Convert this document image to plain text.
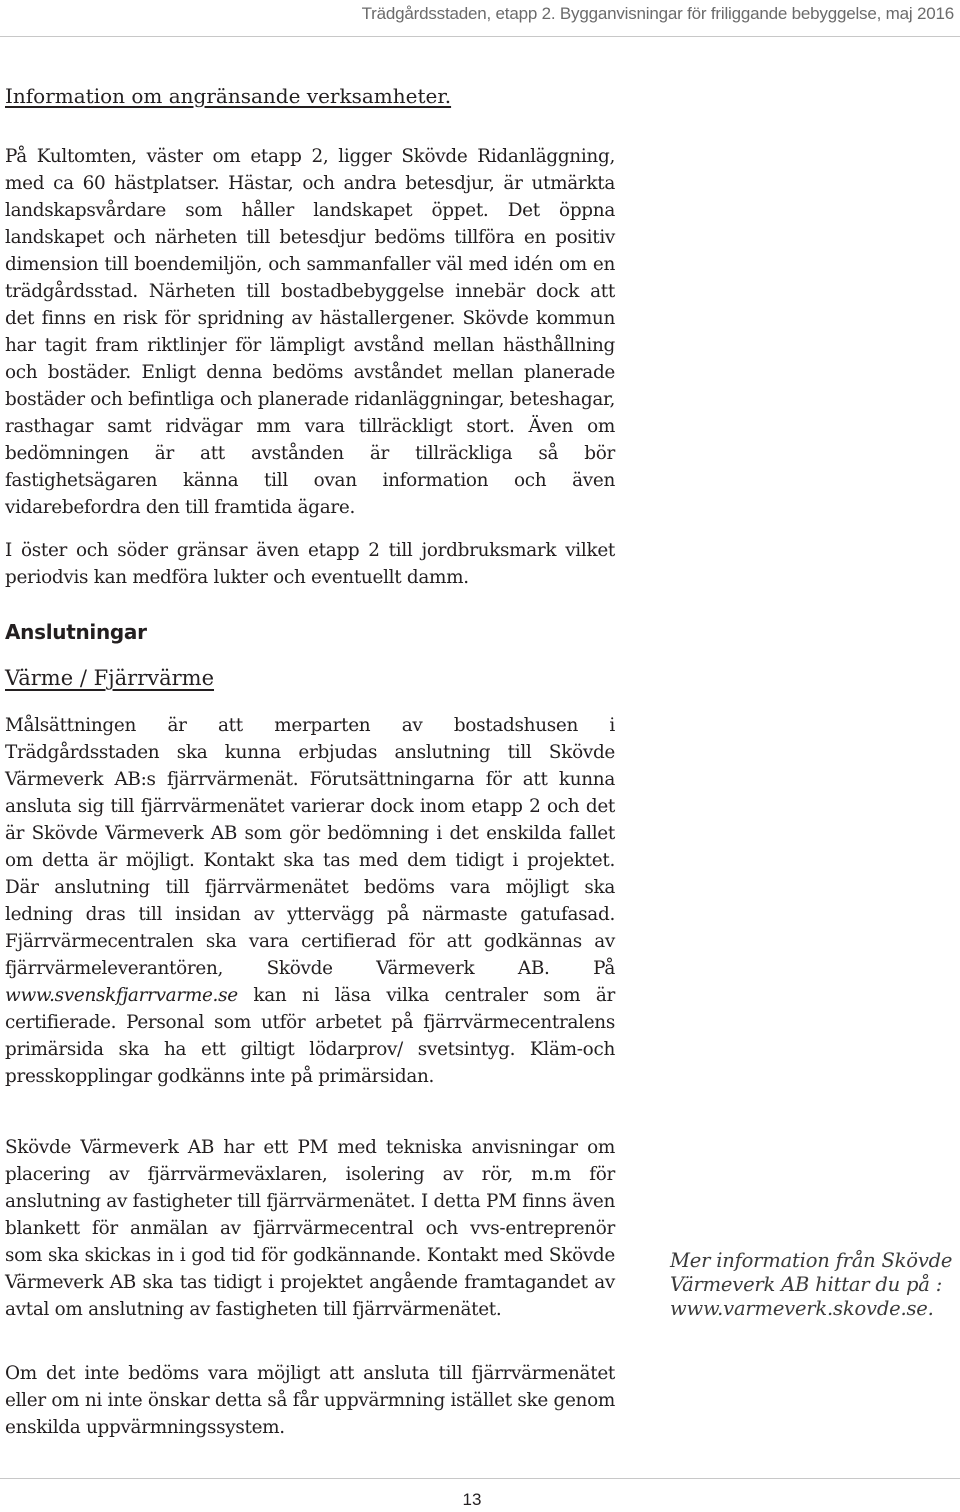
Trädgårdsstaden, etapp 2. Bygganvisningar för friliggande bebyggelse, maj 2016
Information om angränsande verksamheter.

På Kultomten, väster om etapp 2, ligger Skövde Ridanläggning, med ca 60 hästplatser. Hästar, och andra betesdjur, är utmärkta landskapsvårdare som håller landskapet öppet. Det öppna landskapet och närheten till betesdjur bedöms tillföra en positiv dimension till boendemiljön, och sammanfaller väl med idén om en trädgårdsstad. Närheten till bostadbebyggelse innebär dock att det finns en risk för spridning av hästallergener. Skövde kommun har tagit fram riktlinjer för lämpligt avstånd mellan hästhållning och bostäder. Enligt denna bedöms avståndet mellan planerade bostäder och befintliga och planerade ridanläggningar, beteshagar, rasthagar samt ridvägar mm vara tillräckligt stort. Även om bedömningen är att avstånden är tillräckliga så bör fastighetsägaren känna till ovan information och även vidarebefordra den till framtida ägare.

I öster och söder gränsar även etapp 2 till jordbruksmark vilket periodvis kan medföra lukter och eventuellt damm.

Anslutningar
Värme / Fjärrvärme

Målsättningen är att merparten av bostadshusen i Trädgårdsstaden ska kunna erbjudas anslutning till Skövde Värmeverk AB:s fjärrvärmenät. Förutsättningarna för att kunna ansluta sig till fjärrvärmenätet varierar dock inom etapp 2 och det är Skövde Värmeverk AB som gör bedömning i det enskilda fallet om detta är möjligt. Kontakt ska tas med dem tidigt i projektet. Där anslutning till fjärrvärmenätet bedöms vara möjligt ska ledning dras till insidan av yttervägg på närmaste gatufasad. Fjärrvärmecentralen ska vara certifierad för att godkännas av fjärrvärmeleverantören, Skövde Värmeverk AB. På www.svenskfjarrvarme.se kan ni läsa vilka centraler som är certifierade. Personal som utför arbetet på fjärrvärmecentralens primärsida ska ha ett giltigt lödarprov/ svetsintyg. Kläm-och presskopplingar godkänns inte på primärsidan.

Skövde Värmeverk AB har ett PM med tekniska anvisningar om placering av fjärrvärmeväxlaren, isolering av rör, m.m för anslutning av fastigheter till fjärrvärmenätet. I detta PM finns även blankett för anmälan av fjärrvärmecentral och vvs-entreprenör som ska skickas in i god tid för godkännande. Kontakt med Skövde Värmeverk AB ska tas tidigt i projektet angående framtagandet av avtal om anslutning av fastigheten till fjärrvärmenätet.

Om det inte bedöms vara möjligt att ansluta till fjärrvärmenätet eller om ni inte önskar detta så får uppvärmning istället ske genom enskilda uppvärmningssystem.

Mer information från Skövde Värmeverk AB hittar du på : www.varmeverk.skovde.se.
13
